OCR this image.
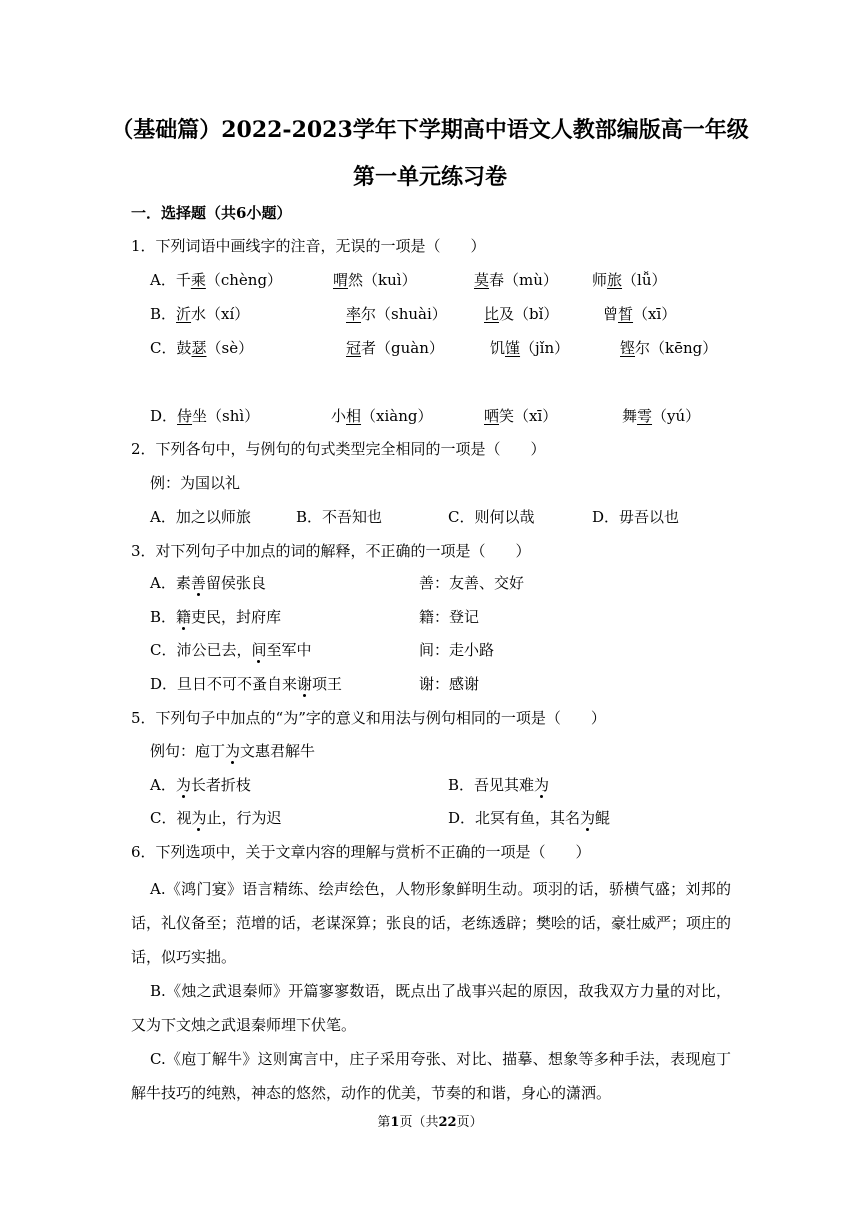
（基础篇）2022-2023学年下学期高中语文人教部编版高一年级
第一单元练习卷
一．选择题（共6小题）
1．下列词语中画线字的注音，无误的一项是（　　）
A．千乘（chèng）	喟然（kuì）	莫春（mù） 师旅（lǚ）
B．沂水（xí）	率尔（shuài） 比及（bǐ）	曾皙（xī）
C．鼓瑟（sè）	冠者（guàn）	饥馑（jǐn）	铿尔（kēng）
D．侍坐（shì）	小相（xiàng）	哂笑（xī）	舞雩（yú）
2．下列各句中，与例句的句式类型完全相同的一项是（　　）
例：为国以礼
A．加之以师旅	B．不吾知也	C．则何以哉	D．毋吾以也
3．对下列句子中加点的词的解释，不正确的一项是（　　）
A．素善留侯张良	善：友善、交好
B．籍吏民，封府库	籍：登记
C．沛公已去，间至军中	间：走小路
D．旦日不可不蚤自来谢项王	谢：感谢
5．下列句子中加点的“为”字的意义和用法与例句相同的一项是（　　）
例句：庖丁为文惠君解牛
A．为长者折枝	B．吾见其难为
C．视为止，行为迟	D．北冥有鱼，其名为鲲
6．下列选项中，关于文章内容的理解与赏析不正确的一项是（　　）
A.《鸿门宴》语言精练、绘声绘色，人物形象鲜明生动。项羽的话，骄横气盛；刘邦的话，礼仪备至；范增的话，老谋深算；张良的话，老练透辟；樊哙的话，豪壮威严；项庄的话，似巧实拙。
B.《烛之武退秦师》开篇寥寥数语，既点出了战事兴起的原因，敌我双方力量的对比，又为下文烛之武退秦师埋下伏笔。
C.《庖丁解牛》这则寓言中，庄子采用夸张、对比、描摹、想象等多种手法，表现庖丁解牛技巧的纯熟，神态的悠然，动作的优美，节奏的和谐，身心的潇洒。
第1页（共22页）
